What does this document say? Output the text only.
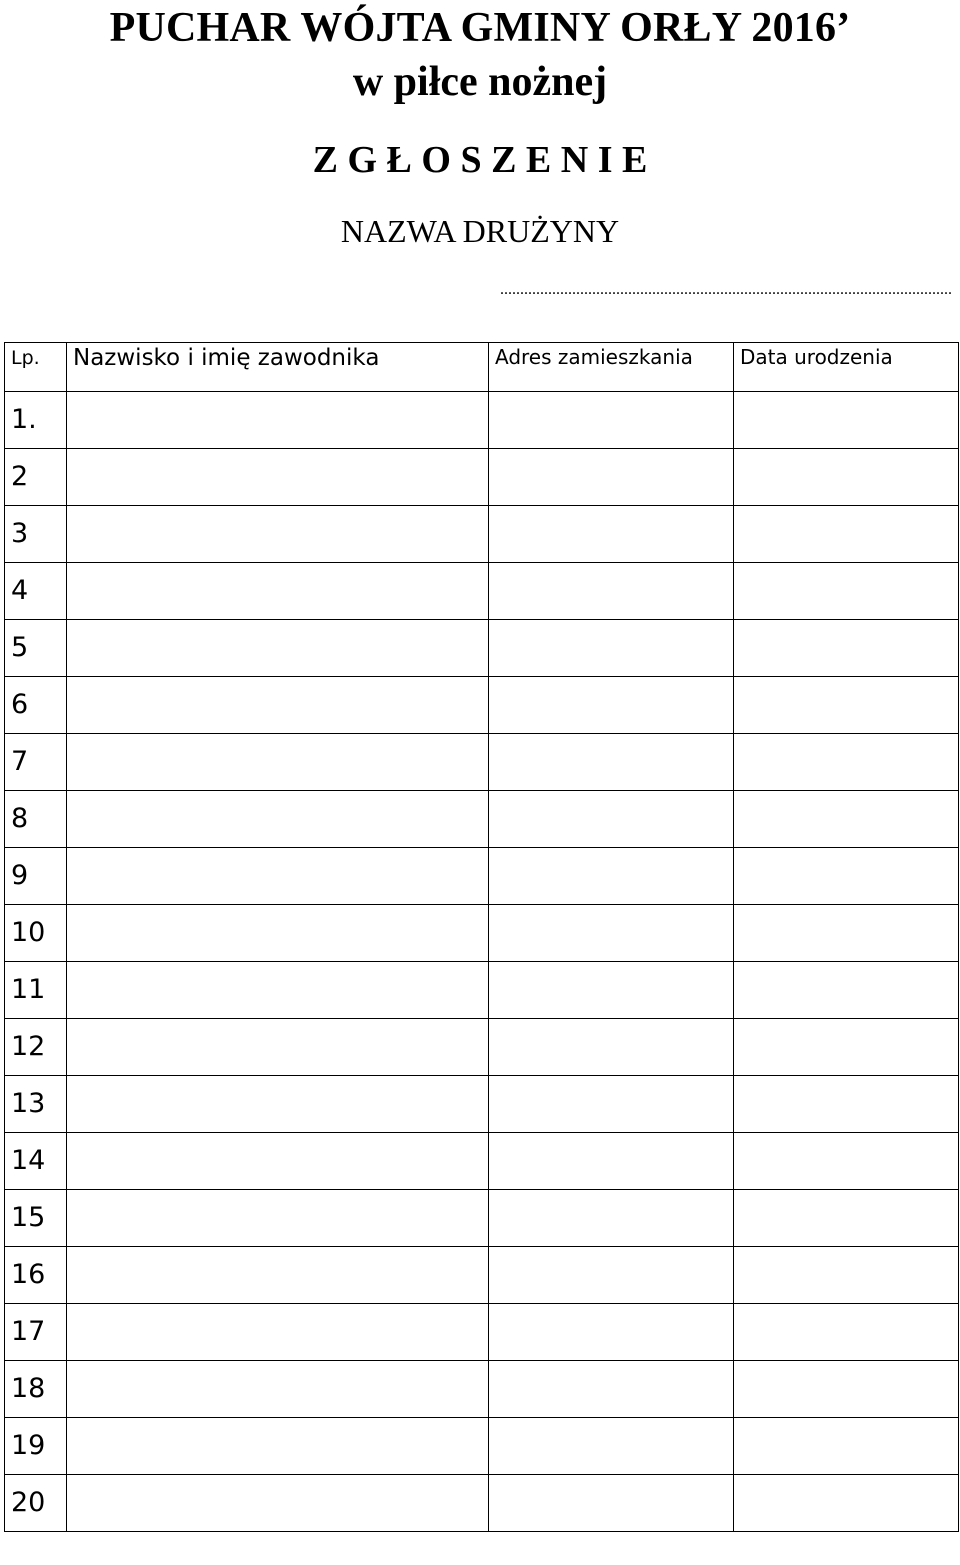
PUCHAR WÓJTA GMINY ORŁY 2016’
w piłce nożnej
Z G Ł O S Z E N I E
NAZWA DRUŻYNY
.................................................................................................................
Lp.	Nazwisko i imię zawodnika	Adres zamieszkania	Data urodzenia
1.			
2			
3			
4			
5			
6			
7			
8			
9			
10			
11			
12			
13			
14			
15			
16			
17			
18			
19			
20			
